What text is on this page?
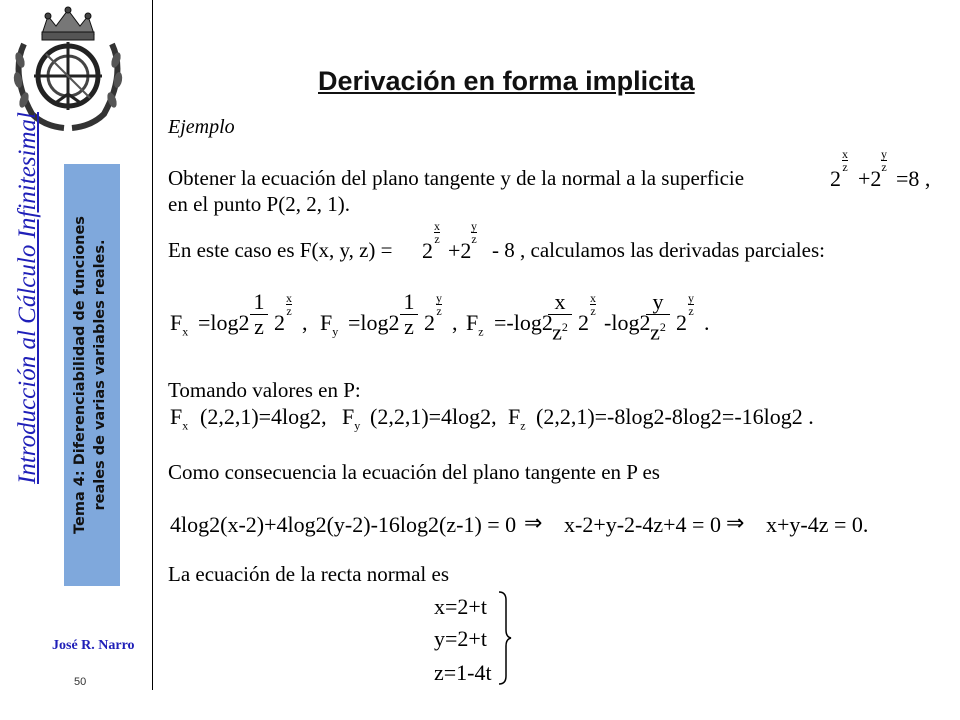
Introducción al Cálculo Infinitesimal	Tema 4: Diferenciabilidad de funciones reales de varias variables reales.
José R. Narro
50
Derivación en forma implicita
Ejemplo
Obtener la ecuación del plano tangente y de la normal a la superficie	2
x

z +2
y

z =8 ,
en el punto P(2, 2, 1).
En este caso es F(x, y, z) = 2
x

z +2
y

z - 8 , calculamos las derivadas parciales:
$F_x =\log 2$
1

z 2
x

z , $F_y =\log 2$
1

z 2
y

z , $F_z =-\log 2$
x

$z^2$ 2
x

z -log2
y

$z^2$ 2
y

z .
Tomando valores en P:
$F_x$ (2,2,1)=4log2, $F_y$ (2,2,1)=4log2, $F_z$ (2,2,1)=-8log2-8log2=-16log2 .
Como consecuencia la ecuación del plano tangente en P es
4log2(x-2)+4log2(y-2)-16log2(z-1) = 0 ⇒ x-2+y-2-4z+4 = 0 ⇒ x+y-4z = 0.
La ecuación de la recta normal es
x=2+t
y=2+t
z=1-4t
